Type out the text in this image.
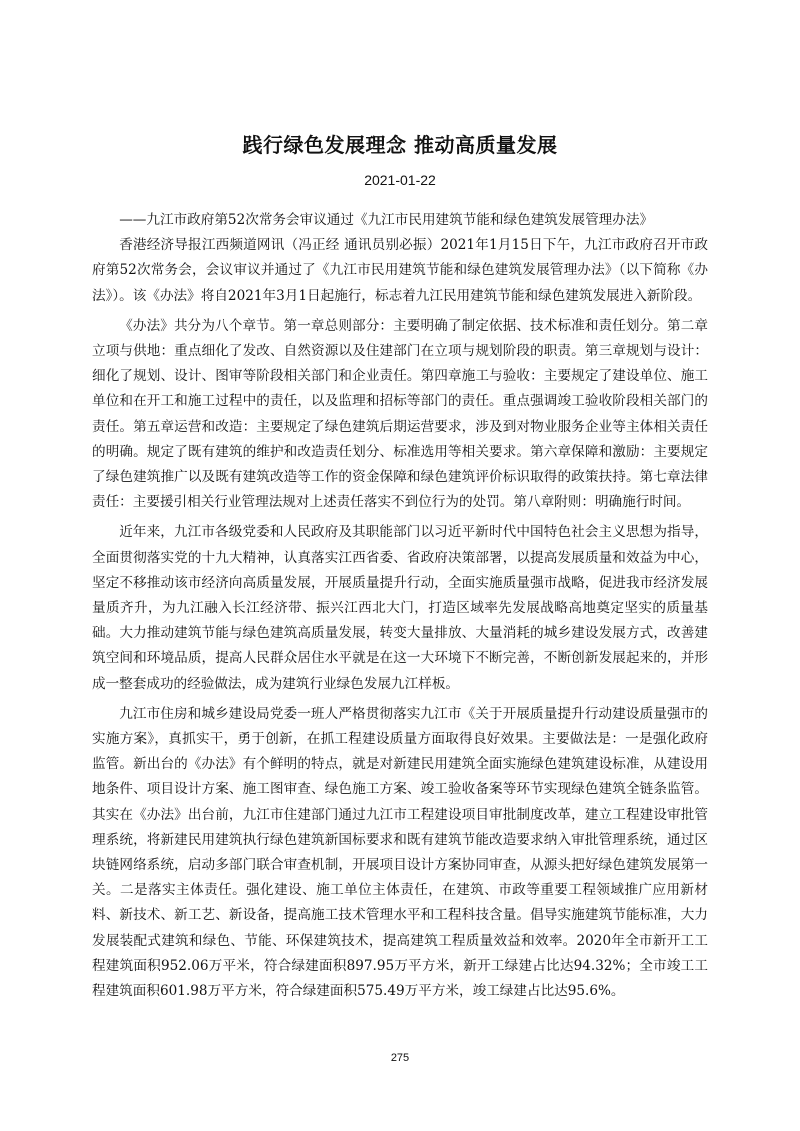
践行绿色发展理念 推动高质量发展
2021-01-22

——九江市政府第52次常务会审议通过《九江市民用建筑节能和绿色建筑发展管理办法》

香港经济导报江西频道网讯（冯正经 通讯员别必振）2021年1月15日下午，九江市政府召开市政府第52次常务会，会议审议并通过了《九江市民用建筑节能和绿色建筑发展管理办法》（以下简称《办法》）。该《办法》将自2021年3月1日起施行，标志着九江民用建筑节能和绿色建筑发展进入新阶段。

《办法》共分为八个章节。第一章总则部分：主要明确了制定依据、技术标准和责任划分。第二章立项与供地：重点细化了发改、自然资源以及住建部门在立项与规划阶段的职责。第三章规划与设计：细化了规划、设计、图审等阶段相关部门和企业责任。第四章施工与验收：主要规定了建设单位、施工单位和在开工和施工过程中的责任，以及监理和招标等部门的责任。重点强调竣工验收阶段相关部门的责任。第五章运营和改造：主要规定了绿色建筑后期运营要求，涉及到对物业服务企业等主体相关责任的明确。规定了既有建筑的维护和改造责任划分、标准选用等相关要求。第六章保障和激励：主要规定了绿色建筑推广以及既有建筑改造等工作的资金保障和绿色建筑评价标识取得的政策扶持。第七章法律责任：主要援引相关行业管理法规对上述责任落实不到位行为的处罚。第八章附则：明确施行时间。

近年来，九江市各级党委和人民政府及其职能部门以习近平新时代中国特色社会主义思想为指导，全面贯彻落实党的十九大精神，认真落实江西省委、省政府决策部署，以提高发展质量和效益为中心，坚定不移推动该市经济向高质量发展，开展质量提升行动，全面实施质量强市战略，促进我市经济发展量质齐升，为九江融入长江经济带、振兴江西北大门，打造区域率先发展战略高地奠定坚实的质量基础。大力推动建筑节能与绿色建筑高质量发展，转变大量排放、大量消耗的城乡建设发展方式，改善建筑空间和环境品质，提高人民群众居住水平就是在这一大环境下不断完善，不断创新发展起来的，并形成一整套成功的经验做法，成为建筑行业绿色发展九江样板。

九江市住房和城乡建设局党委一班人严格贯彻落实九江市《关于开展质量提升行动建设质量强市的实施方案》，真抓实干，勇于创新，在抓工程建设质量方面取得良好效果。主要做法是：一是强化政府监管。新出台的《办法》有个鲜明的特点，就是对新建民用建筑全面实施绿色建筑建设标准，从建设用地条件、项目设计方案、施工图审查、绿色施工方案、竣工验收备案等环节实现绿色建筑全链条监管。其实在《办法》出台前，九江市住建部门通过九江市工程建设项目审批制度改革，建立工程建设审批管理系统，将新建民用建筑执行绿色建筑新国标要求和既有建筑节能改造要求纳入审批管理系统，通过区块链网络系统，启动多部门联合审查机制，开展项目设计方案协同审查，从源头把好绿色建筑发展第一关。二是落实主体责任。强化建设、施工单位主体责任，在建筑、市政等重要工程领域推广应用新材料、新技术、新工艺、新设备，提高施工技术管理水平和工程科技含量。倡导实施建筑节能标准，大力发展装配式建筑和绿色、节能、环保建筑技术，提高建筑工程质量效益和效率。2020年全市新开工工程建筑面积952.06万平米，符合绿建面积897.95万平方米，新开工绿建占比达94.32%；全市竣工工程建筑面积601.98万平方米，符合绿建面积575.49万平方米，竣工绿建占比达95.6%。

275
